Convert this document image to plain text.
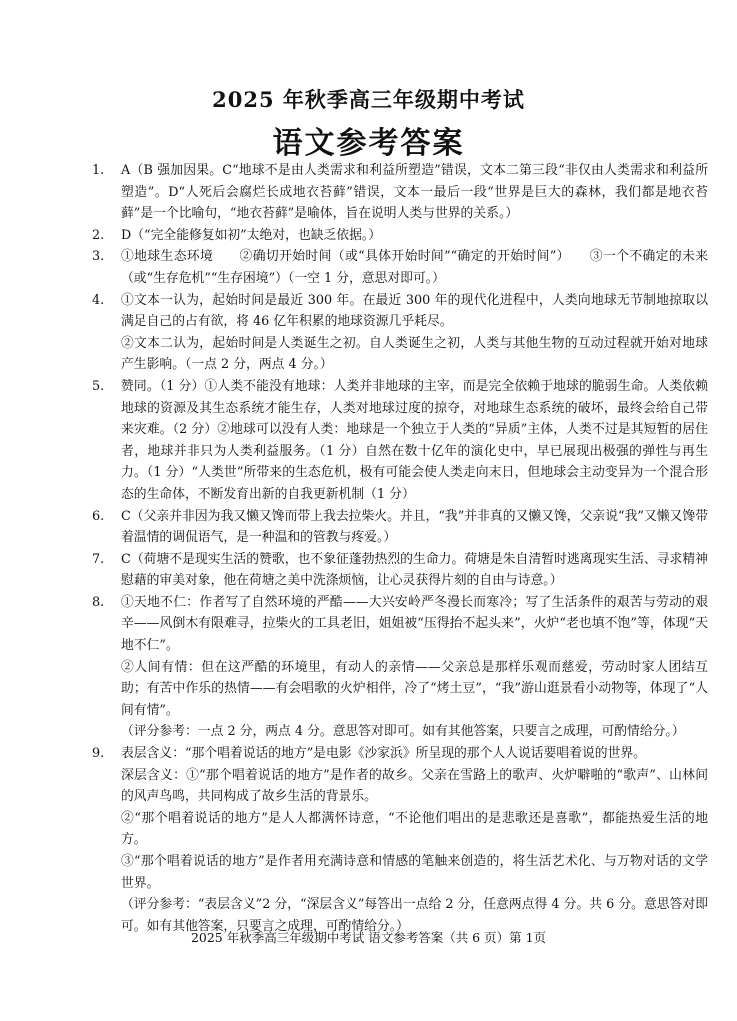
2025 年秋季高三年级期中考试
语文参考答案
1. A（B 强加因果。C“地球不是由人类需求和利益所塑造”错误，文本二第三段“非仅由人类需求和利益所塑造”。D“人死后会腐烂长成地衣苔藓”错误，文本一最后一段“世界是巨大的森林，我们都是地衣苔藓”是一个比喻句，“地衣苔藓”是喻体，旨在说明人类与世界的关系。）

2. D（“完全能修复如初”太绝对，也缺乏依据。）

3. ①地球生态环境　　②确切开始时间（或“具体开始时间”“确定的开始时间”）　　③一个不确定的未来（或“生存危机”“生存困境”）（一空 1 分，意思对即可。）

4. ①文本一认为，起始时间是最近 300 年。在最近 300 年的现代化进程中，人类向地球无节制地掠取以满足自己的占有欲，将 46 亿年积累的地球资源几乎耗尽。

②文本二认为，起始时间是人类诞生之初。自人类诞生之初，人类与其他生物的互动过程就开始对地球产生影响。（一点 2 分，两点 4 分。）

5. 赞同。（1 分）①人类不能没有地球：人类并非地球的主宰，而是完全依赖于地球的脆弱生命。人类依赖地球的资源及其生态系统才能生存，人类对地球过度的掠夺，对地球生态系统的破坏，最终会给自己带来灾难。（2 分）②地球可以没有人类：地球是一个独立于人类的“异质”主体，人类不过是其短暂的居住者，地球并非只为人类利益服务。（1 分）自然在数十亿年的演化史中，早已展现出极强的弹性与再生力。（1 分）“人类世”所带来的生态危机，极有可能会使人类走向末日，但地球会主动变异为一个混合形态的生命体，不断发育出新的自我更新机制（1 分）

6. C（父亲并非因为我又懒又馋而带上我去拉柴火。并且，“我”并非真的又懒又馋，父亲说“我”又懒又馋带着温情的调侃语气，是一种温和的管教与疼爱。）

7. C（荷塘不是现实生活的赞歌，也不象征蓬勃热烈的生命力。荷塘是朱自清暂时逃离现实生活、寻求精神慰藉的审美对象，他在荷塘之美中洗涤烦恼，让心灵获得片刻的自由与诗意。）

8. ①天地不仁：作者写了自然环境的严酷——大兴安岭严冬漫长而寒冷；写了生活条件的艰苦与劳动的艰辛——风倒木有限难寻，拉柴火的工具老旧，姐姐被“压得抬不起头来”，火炉“老也填不饱”等，体现“天地不仁”。

②人间有情：但在这严酷的环境里，有动人的亲情——父亲总是那样乐观而慈爱，劳动时家人团结互助；有苦中作乐的热情——有会唱歌的火炉相伴，冷了“烤土豆”，“我”游山逛景看小动物等，体现了“人间有情”。

（评分参考：一点 2 分，两点 4 分。意思答对即可。如有其他答案，只要言之成理，可酌情给分。）

9. 表层含义：“那个唱着说话的地方”是电影《沙家浜》所呈现的那个人人说话要唱着说的世界。

深层含义：①“那个唱着说话的地方”是作者的故乡。父亲在雪路上的歌声、火炉噼啪的“歌声”、山林间的风声鸟鸣，共同构成了故乡生活的背景乐。

②“那个唱着说话的地方”是人人都满怀诗意，“不论他们唱出的是悲歌还是喜歌”，都能热爱生活的地方。

③“那个唱着说话的地方”是作者用充满诗意和情感的笔触来创造的，将生活艺术化、与万物对话的文学世界。

（评分参考：“表层含义”2 分，“深层含义”每答出一点给 2 分，任意两点得 4 分。共 6 分。意思答对即可。如有其他答案，只要言之成理，可酌情给分。）

2025 年秋季高三年级期中考试 语文参考答案（共 6 页）第 1页
